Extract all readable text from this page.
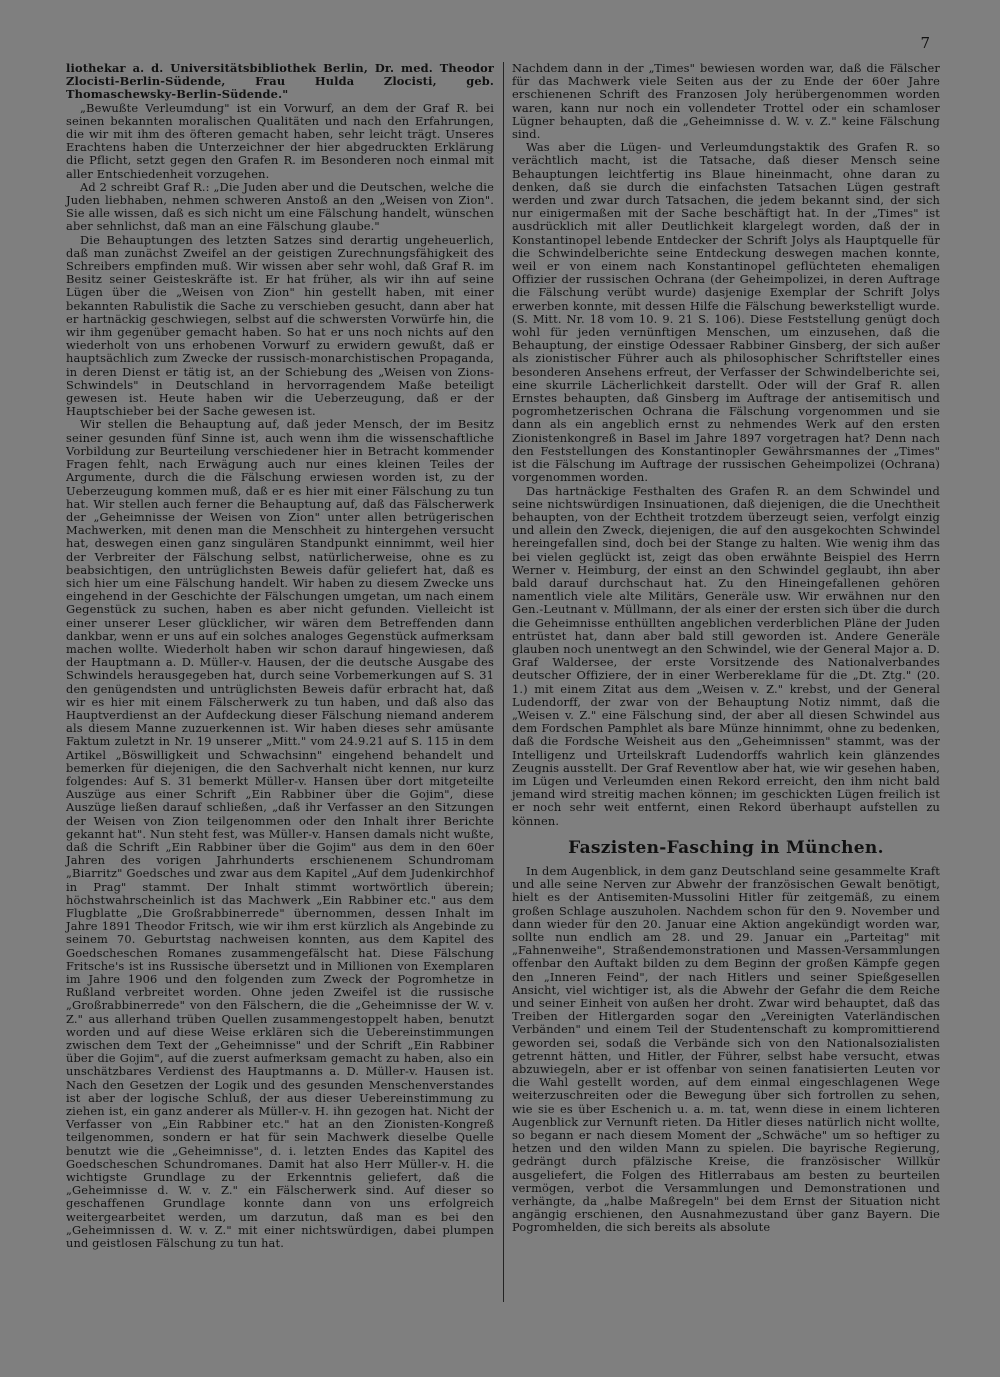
7

liothekar a. d. Universitätsbibliothek Berlin, Dr. med. Theodor Zlocisti-Berlin-Südende, Frau Hulda Zlocisti, geb. Thomaschewsky-Berlin-Südende."

„Bewußte Verleumdung" ist ein Vorwurf, an dem der Graf R. bei seinen bekannten moralischen Qualitäten und nach den Erfahrungen, die wir mit ihm des öfteren gemacht haben, sehr leicht trägt. Unseres Erachtens haben die Unterzeichner der hier abgedruckten Erklärung die Pflicht, setzt gegen den Grafen R. im Besonderen noch einmal mit aller Entschiedenheit vorzugehen.

Ad 2 schreibt Graf R.: „Die Juden aber und die Deutschen, welche die Juden liebhaben, nehmen schweren Anstoß an den „Weisen von Zion". Sie alle wissen, daß es sich nicht um eine Fälschung handelt, wünschen aber sehnlichst, daß man an eine Fälschung glaube."

Die Behauptungen des letzten Satzes sind derartig ungeheuerlich, daß man zunächst Zweifel an der geistigen Zurechnungsfähigkeit des Schreibers empfinden muß. Wir wissen aber sehr wohl, daß Graf R. im Besitz seiner Geisteskräfte ist. Er hat früher, als wir ihn auf seine Lügen über die „Weisen von Zion" hin gestellt haben, mit einer bekannten Rabulistik die Sache zu verschieben gesucht, dann aber hat er hartnäckig geschwiegen, selbst auf die schwersten Vorwürfe hin, die wir ihm gegenüber gemacht haben. So hat er uns noch nichts auf den wiederholt von uns erhobenen Vorwurf zu erwidern gewußt, daß er hauptsächlich zum Zwecke der russisch-monarchistischen Propaganda, in deren Dienst er tätig ist, an der Schiebung des „Weisen von Zions-Schwindels" in Deutschland in hervorragendem Maße beteiligt gewesen ist. Heute haben wir die Ueberzeugung, daß er der Hauptschieber bei der Sache gewesen ist.

Wir stellen die Behauptung auf, daß jeder Mensch, der im Besitz seiner gesunden fünf Sinne ist, auch wenn ihm die wissenschaftliche Vorbildung zur Beurteilung verschiedener hier in Betracht kommender Fragen fehlt, nach Erwägung auch nur eines kleinen Teiles der Argumente, durch die die Fälschung erwiesen worden ist, zu der Ueberzeugung kommen muß, daß er es hier mit einer Fälschung zu tun hat. Wir stellen auch ferner die Behauptung auf, daß das Fälscherwerk der „Geheimnisse der Weisen von Zion" unter allen betrügerischen Machwerken, mit denen man die Menschheit zu hintergehen versucht hat, deswegen einen ganz singulären Standpunkt einnimmt, weil hier der Verbreiter der Fälschung selbst, natürlicherweise, ohne es zu beabsichtigen, den untrüglichsten Beweis dafür geliefert hat, daß es sich hier um eine Fälschung handelt. Wir haben zu diesem Zwecke uns eingehend in der Geschichte der Fälschungen umgetan, um nach einem Gegenstück zu suchen, haben es aber nicht gefunden. Vielleicht ist einer unserer Leser glücklicher, wir wären dem Betreffenden dann dankbar, wenn er uns auf ein solches analoges Gegenstück aufmerksam machen wollte. Wiederholt haben wir schon darauf hingewiesen, daß der Hauptmann a. D. Müller-v. Hausen, der die deutsche Ausgabe des Schwindels herausgegeben hat, durch seine Vorbemerkungen auf S. 31 den genügendsten und untrüglichsten Beweis dafür erbracht hat, daß wir es hier mit einem Fälscherwerk zu tun haben, und daß also das Hauptverdienst an der Aufdeckung dieser Fälschung niemand anderem als diesem Manne zuzuerkennen ist. Wir haben dieses sehr amüsante Faktum zuletzt in Nr. 19 unserer „Mitt." vom 24.9.21 auf S. 115 in dem Artikel „Böswilligkeit und Schwachsinn" eingehend behandelt und bemerken für diejenigen, die den Sachverhalt nicht kennen, nur kurz folgendes: Auf S. 31 bemerkt Müller-v. Hansen über dort mitgeteilte Auszüge aus einer Schrift „Ein Rabbiner über die Gojim", diese Auszüge ließen darauf schließen, „daß ihr Verfasser an den Sitzungen der Weisen von Zion teilgenommen oder den Inhalt ihrer Berichte gekannt hat". Nun steht fest, was Müller-v. Hansen damals nicht wußte, daß die Schrift „Ein Rabbiner über die Gojim" aus dem in den 60er Jahren des vorigen Jahrhunderts erschienenem Schundromam „Biarritz" Goedsches und zwar aus dem Kapitel „Auf dem Judenkirchhof in Prag" stammt. Der Inhalt stimmt wortwörtlich überein; höchstwahrscheinlich ist das Machwerk „Ein Rabbiner etc." aus dem Flugblatte „Die Großrabbinerrede" übernommen, dessen Inhalt im Jahre 1891 Theodor Fritsch, wie wir ihm erst kürzlich als Angebinde zu seinem 70. Geburtstag nachweisen konnten, aus dem Kapitel des Goedscheschen Romanes zusammengefälscht hat. Diese Fälschung Fritsche's ist ins Russische übersetzt und in Millionen von Exemplaren im Jahre 1906 und den folgenden zum Zweck der Pogromhetze in Rußland verbreitet worden. Ohne jeden Zweifel ist die russische „Großrabbinerrede" von den Fälschern, die die „Geheimnisse der W. v. Z." aus allerhand trüben Quellen zusammengestoppelt haben, benutzt worden und auf diese Weise erklären sich die Uebereinstimmungen zwischen dem Text der „Geheimnisse" und der Schrift „Ein Rabbiner über die Gojim", auf die zuerst aufmerksam gemacht zu haben, also ein unschätzbares Verdienst des Hauptmanns a. D. Müller-v. Hausen ist. Nach den Gesetzen der Logik und des gesunden Menschenverstandes ist aber der logische Schluß, der aus dieser Uebereinstimmung zu ziehen ist, ein ganz anderer als Müller-v. H. ihn gezogen hat. Nicht der Verfasser von „Ein Rabbiner etc." hat an den Zionisten-Kongreß teilgenommen, sondern er hat für sein Machwerk dieselbe Quelle benutzt wie die „Geheimnisse", d. i. letzten Endes das Kapitel des Goedscheschen Schundromanes. Damit hat also Herr Müller-v. H. die wichtigste Grundlage zu der Erkenntnis geliefert, daß die „Geheimnisse d. W. v. Z." ein Fälscherwerk sind. Auf dieser so geschaffenen Grundlage konnte dann von uns erfolgreich weitergearbeitet werden, um darzutun, daß man es bei den „Geheimnissen d. W. v. Z." mit einer nichtswürdigen, dabei plumpen und geistlosen Fälschung zu tun hat.

Nachdem dann in der „Times" bewiesen worden war, daß die Fälscher für das Machwerk viele Seiten aus der zu Ende der 60er Jahre erschienenen Schrift des Franzosen Joly herübergenommen worden waren, kann nur noch ein vollendeter Trottel oder ein schamloser Lügner behaupten, daß die „Geheimnisse d. W. v. Z." keine Fälschung sind.

Was aber die Lügen- und Verleumdungstaktik des Grafen R. so verächtlich macht, ist die Tatsache, daß dieser Mensch seine Behauptungen leichtfertig ins Blaue hineinmacht, ohne daran zu denken, daß sie durch die einfachsten Tatsachen Lügen gestraft werden und zwar durch Tatsachen, die jedem bekannt sind, der sich nur einigermaßen mit der Sache beschäftigt hat. In der „Times" ist ausdrücklich mit aller Deutlichkeit klargelegt worden, daß der in Konstantinopel lebende Entdecker der Schrift Jolys als Hauptquelle für die Schwindelberichte seine Entdeckung deswegen machen konnte, weil er von einem nach Konstantinopel geflüchteten ehemaligen Offizier der russischen Ochrana (der Geheimpolizei, in deren Auftrage die Fälschung verübt wurde) dasjenige Exemplar der Schrift Jolys erwerben konnte, mit dessen Hilfe die Fälschung bewerkstelligt wurde. (S. Mitt. Nr. 18 vom 10. 9. 21 S. 106). Diese Feststellung genügt doch wohl für jeden vernünftigen Menschen, um einzusehen, daß die Behauptung, der einstige Odessaer Rabbiner Ginsberg, der sich außer als zionistischer Führer auch als philosophischer Schriftsteller eines besonderen Ansehens erfreut, der Verfasser der Schwindelberichte sei, eine skurrile Lächerlichkeit darstellt. Oder will der Graf R. allen Ernstes behaupten, daß Ginsberg im Auftrage der antisemitisch und pogromhetzerischen Ochrana die Fälschung vorgenommen und sie dann als ein angeblich ernst zu nehmendes Werk auf den ersten Zionistenkongreß in Basel im Jahre 1897 vorgetragen hat? Denn nach den Feststellungen des Konstantinopler Gewährsmannes der „Times" ist die Fälschung im Auftrage der russischen Geheimpolizei (Ochrana) vorgenommen worden.

Das hartnäckige Festhalten des Grafen R. an dem Schwindel und seine nichtswürdigen Insinuationen, daß diejenigen, die die Unechtheit behaupten, von der Echtheit trotzdem überzeugt seien, verfolgt einzig und allein den Zweck, diejenigen, die auf den ausgekochten Schwindel hereingefallen sind, doch bei der Stange zu halten. Wie wenig ihm das bei vielen geglückt ist, zeigt das oben erwähnte Beispiel des Herrn Werner v. Heimburg, der einst an den Schwindel geglaubt, ihn aber bald darauf durchschaut hat. Zu den Hineingefallenen gehören namentlich viele alte Militärs, Generäle usw. Wir erwähnen nur den Gen.-Leutnant v. Müllmann, der als einer der ersten sich über die durch die Geheimnisse enthüllten angeblichen verderblichen Pläne der Juden entrüstet hat, dann aber bald still geworden ist. Andere Generäle glauben noch unentwegt an den Schwindel, wie der General Major a. D. Graf Waldersee, der erste Vorsitzende des Nationalverbandes deutscher Offiziere, der in einer Werbereklame für die „Dt. Ztg." (20. 1.) mit einem Zitat aus dem „Weisen v. Z." krebst, und der General Ludendorff, der zwar von der Behauptung Notiz nimmt, daß die „Weisen v. Z." eine Fälschung sind, der aber all diesen Schwindel aus dem Fordschen Pamphlet als bare Münze hinnimmt, ohne zu bedenken, daß die Fordsche Weisheit aus den „Geheimnissen" stammt, was der Intelligenz und Urteilskraft Ludendorffs wahrlich kein glänzendes Zeugnis ausstellt. Der Graf Reventlow aber hat, wie wir gesehen haben, im Lügen und Verleumden einen Rekord erreicht, den ihm nicht bald jemand wird streitig machen können; im geschickten Lügen freilich ist er noch sehr weit entfernt, einen Rekord überhaupt aufstellen zu können.

Faszisten-Fasching in München.

In dem Augenblick, in dem ganz Deutschland seine gesammelte Kraft und alle seine Nerven zur Abwehr der französischen Gewalt benötigt, hielt es der Antisemiten-Mussolini Hitler für zeitgemäß, zu einem großen Schlage auszuholen. Nachdem schon für den 9. November und dann wieder für den 20. Januar eine Aktion angekündigt worden war, sollte nun endlich am 28. und 29. Januar ein „Parteitag" mit „Fahnenweihe", Straßendemonstrationen und Massen-Versammlungen offenbar den Auftakt bilden zu dem Beginn der großen Kämpfe gegen den „Inneren Feind", der nach Hitlers und seiner Spießgesellen Ansicht, viel wichtiger ist, als die Abwehr der Gefahr die dem Reiche und seiner Einheit von außen her droht. Zwar wird behauptet, daß das Treiben der Hitlergarden sogar den „Vereinigten Vaterländischen Verbänden" und einem Teil der Studentenschaft zu kompromittierend geworden sei, sodaß die Verbände sich von den Nationalsozialisten getrennt hätten, und Hitler, der Führer, selbst habe versucht, etwas abzuwiegeln, aber er ist offenbar von seinen fanatisierten Leuten vor die Wahl gestellt worden, auf dem einmal eingeschlagenen Wege weiterzuschreiten oder die Bewegung über sich fortrollen zu sehen, wie sie es über Eschenich u. a. m. tat, wenn diese in einem lichteren Augenblick zur Vernunft rieten. Da Hitler dieses natürlich nicht wollte, so begann er nach diesem Moment der „Schwäche" um so heftiger zu hetzen und den wilden Mann zu spielen. Die bayrische Regierung, gedrängt durch pfälzische Kreise, die französischer Willkür ausgeliefert, die Folgen des Hitlerrabaus am besten zu beurteilen vermögen, verbot die Versammlungen und Demonstrationen und verhängte, da „halbe Maßregeln" bei dem Ernst der Situation nicht angängig erschienen, den Ausnahmezustand über ganz Bayern. Die Pogromhelden, die sich bereits als absolute
